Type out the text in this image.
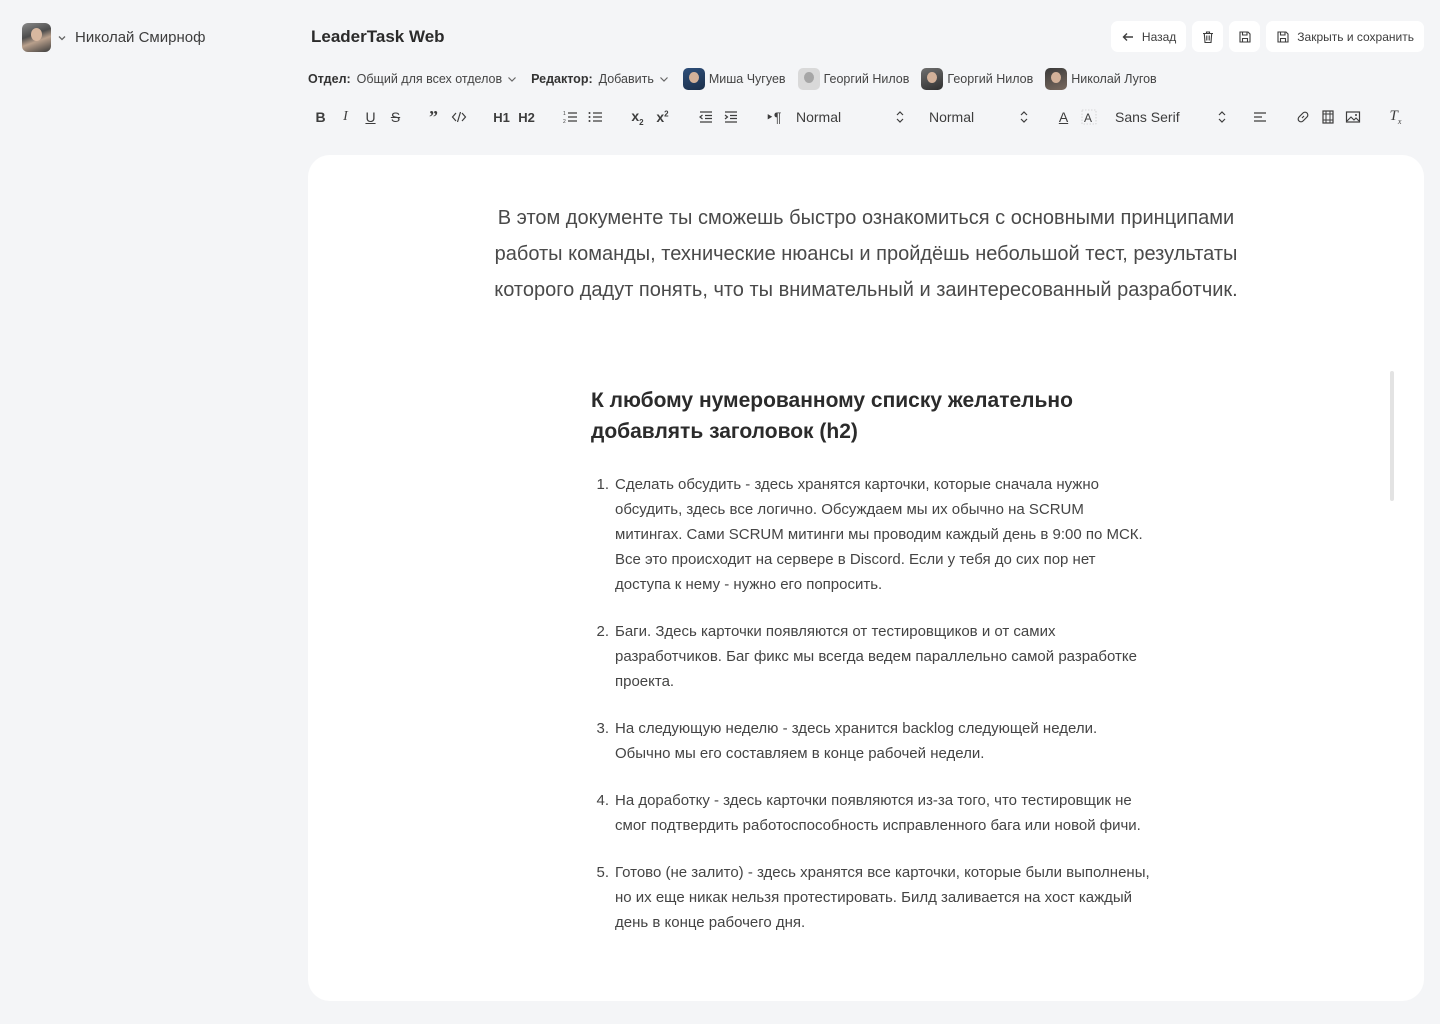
Николай Смирноф	LeaderTask Web	Назад	Закрыть и сохранить
Отдел: Общий для всех отделов Редактор: Добавить	Миша Чугуев	Георгий Нилов	Георгий Нилов	Николай Лугов
B I U S ”	H1 H2	1
2	$x_2$ $x^2$	‣¶ Normal	Normal	A A Sans Serif	$T_x$
В этом документе ты сможешь быстро ознакомиться с основными принципами работы команды, технические нюансы и пройдёшь небольшой тест, результаты которого дадут понять, что ты внимательный и заинтересованный разработчик.
К любому нумерованному списку желательно добавлять заголовок (h2)
1. Сделать обсудить - здесь хранятся карточки, которые сначала нужно обсудить, здесь все логично. Обсуждаем мы их обычно на SCRUM митингах. Сами SCRUM митинги мы проводим каждый день в 9:00 по МСК. Все это происходит на сервере в Discord. Если у тебя до сих пор нет доступа к нему - нужно его попросить.
2. Баги. Здесь карточки появляются от тестировщиков и от самих разработчиков. Баг фикс мы всегда ведем параллельно самой разработке проекта.
3. На следующую неделю - здесь хранится backlog следующей недели. Обычно мы его составляем в конце рабочей недели.
4. На доработку - здесь карточки появляются из-за того, что тестировщик не смог подтвердить работоспособность исправленного бага или новой фичи.
5. Готово (не залито) - здесь хранятся все карточки, которые были выполнены, но их еще никак нельзя протестировать. Билд заливается на хост каждый день в конце рабочего дня.
